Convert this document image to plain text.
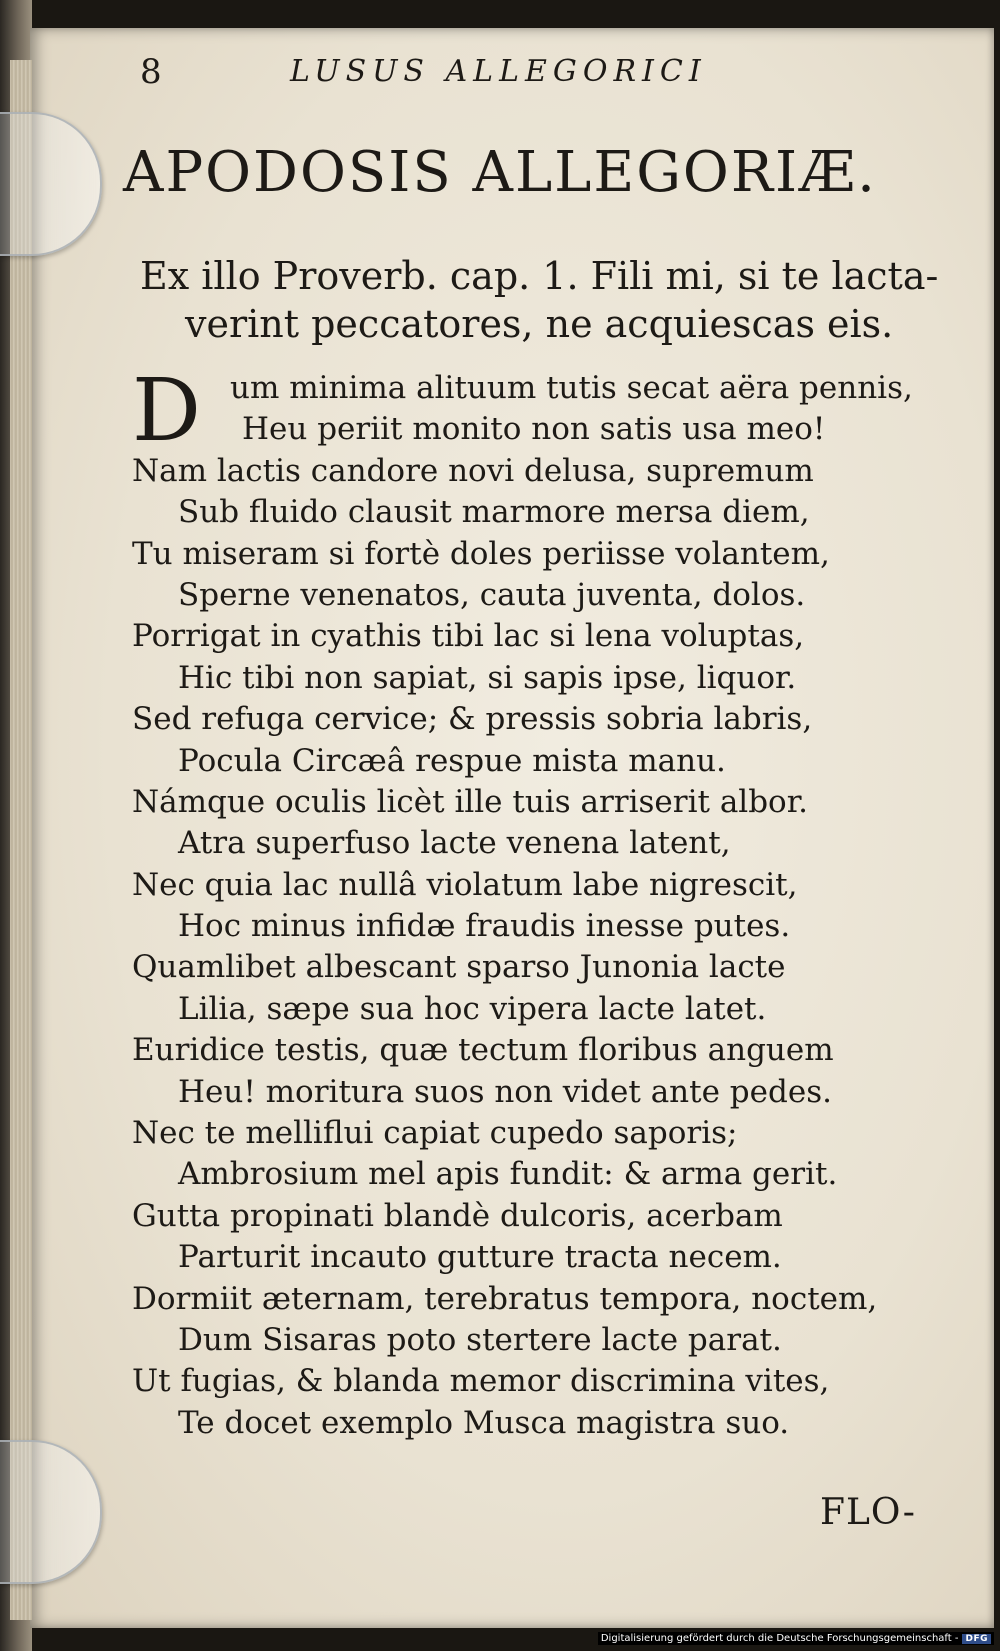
8	LUSUS ALLEGORICI
APODOSIS ALLEGORIÆ.
Ex illo Proverb. cap. 1. Fili mi, si te lacta-
verint peccatores, ne acquiescas eis.
D um minima alituum tutis secat aëra pennis,
Heu periit monito non satis usa meo!
Nam lactis candore novi delusa, supremum
Sub fluido clausit marmore mersa diem,
Tu miseram si fortè doles periisse volantem,
Sperne venenatos, cauta juventa, dolos.
Porrigat in cyathis tibi lac si lena voluptas,
Hic tibi non sapiat, si sapis ipse, liquor.
Sed refuga cervice; & pressis sobria labris,
Pocula Circæâ respue mista manu.
Námque oculis licèt ille tuis arriserit albor.
Atra superfuso lacte venena latent,
Nec quia lac nullâ violatum labe nigrescit,
Hoc minus infidæ fraudis inesse putes.
Quamlibet albescant sparso Junonia lacte
Lilia, sæpe sua hoc vipera lacte latet.
Euridice testis, quæ tectum floribus anguem
Heu! moritura suos non videt ante pedes.
Nec te melliflui capiat cupedo saporis;
Ambrosium mel apis fundit: & arma gerit.
Gutta propinati blandè dulcoris, acerbam
Parturit incauto gutture tracta necem.
Dormiit æternam, terebratus tempora, noctem,
Dum Sisaras poto stertere lacte parat.
Ut fugias, & blanda memor discrimina vites,
Te docet exemplo Musca magistra suo.
FLO-
Digitalisierung gefördert durch die Deutsche Forschungsgemeinschaft - DFG
